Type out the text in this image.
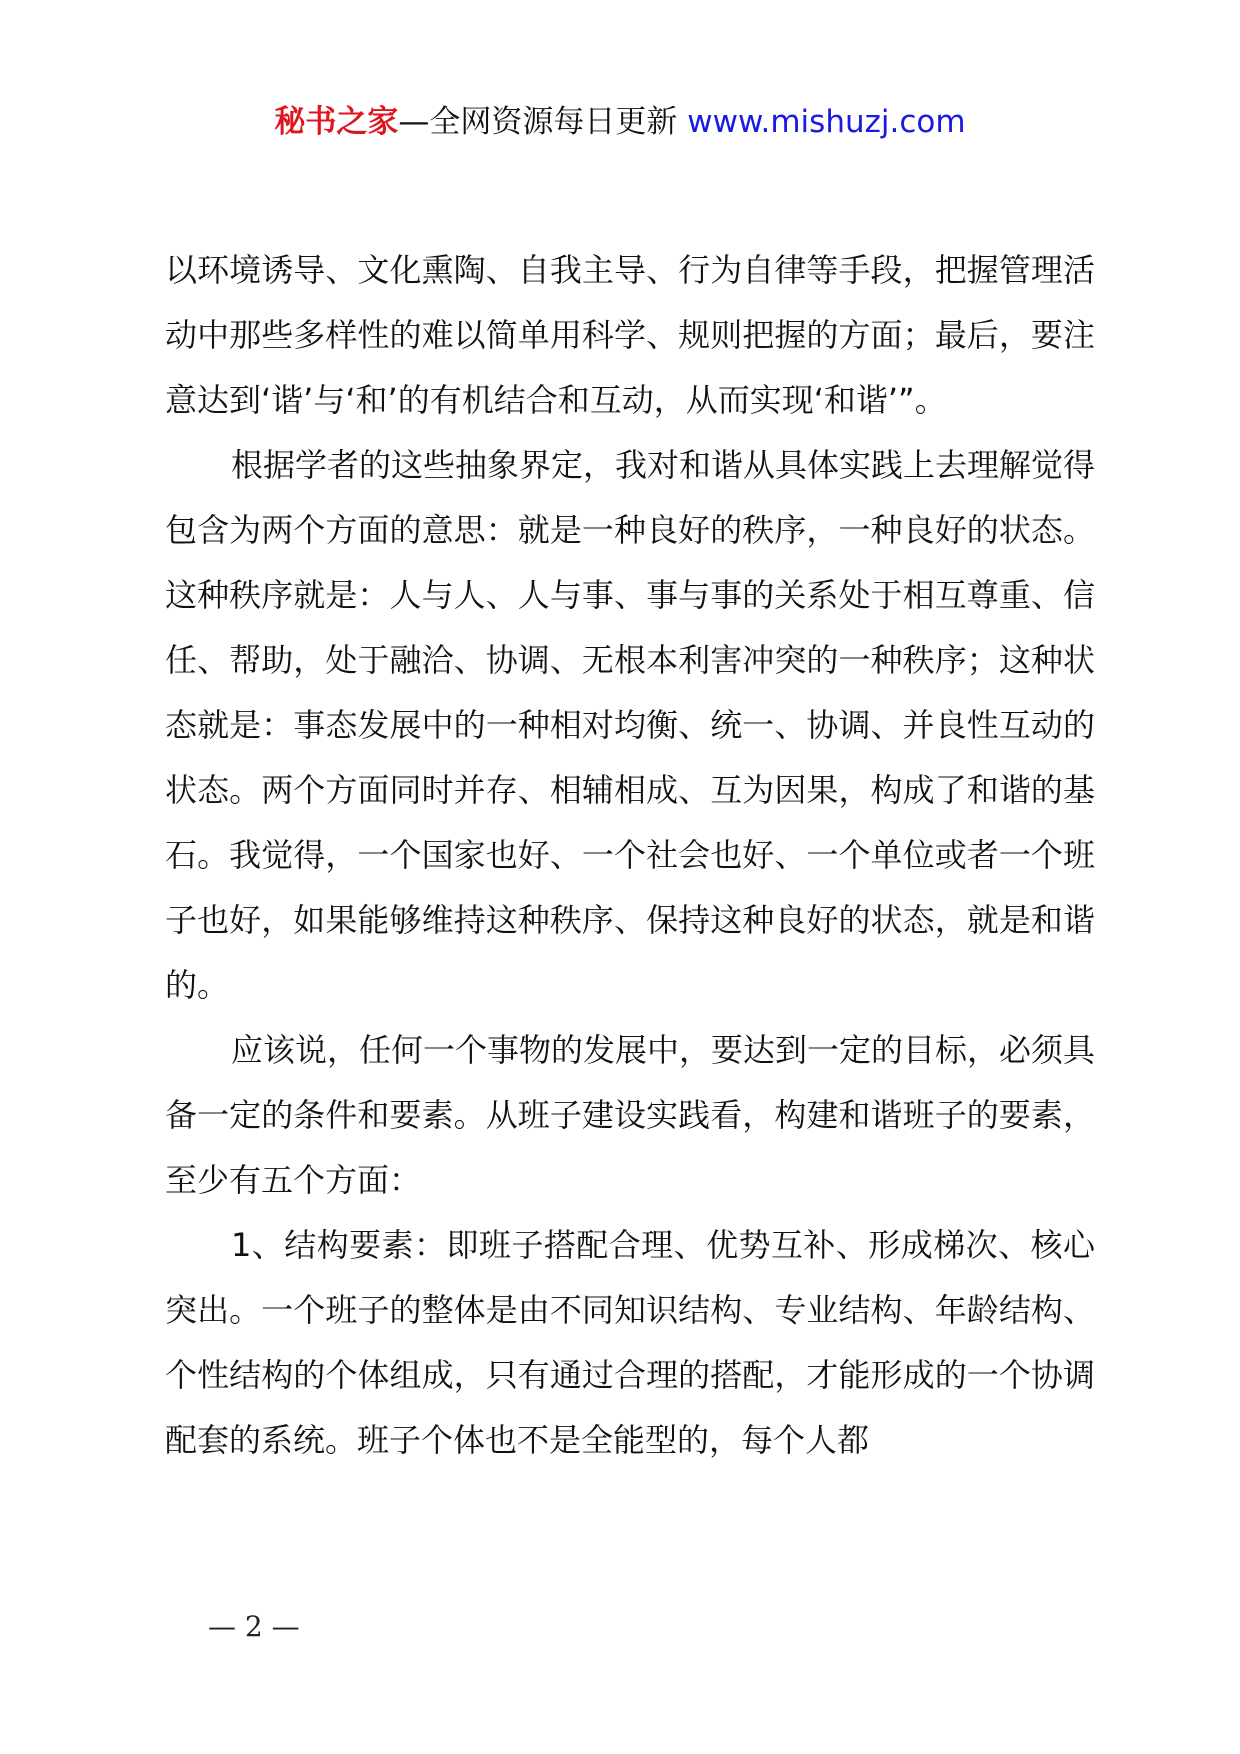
秘书之家—全网资源每日更新 www.mishuzj.com

以环境诱导、文化熏陶、自我主导、行为自律等手段，把握管理活动中那些多样性的难以简单用科学、规则把握的方面；最后，要注意达到‘谐’与‘和’的有机结合和互动，从而实现‘和谐’”。

根据学者的这些抽象界定，我对和谐从具体实践上去理解觉得包含为两个方面的意思：就是一种良好的秩序，一种良好的状态。这种秩序就是：人与人、人与事、事与事的关系处于相互尊重、信任、帮助，处于融洽、协调、无根本利害冲突的一种秩序；这种状态就是：事态发展中的一种相对均衡、统一、协调、并良性互动的状态。两个方面同时并存、相辅相成、互为因果，构成了和谐的基石。我觉得，一个国家也好、一个社会也好、一个单位或者一个班子也好，如果能够维持这种秩序、保持这种良好的状态，就是和谐的。

应该说，任何一个事物的发展中，要达到一定的目标，必须具备一定的条件和要素。从班子建设实践看，构建和谐班子的要素，至少有五个方面：

1、结构要素：即班子搭配合理、优势互补、形成梯次、核心突出。一个班子的整体是由不同知识结构、专业结构、年龄结构、个性结构的个体组成，只有通过合理的搭配，才能形成的一个协调配套的系统。班子个体也不是全能型的，每个人都

— 2 —
